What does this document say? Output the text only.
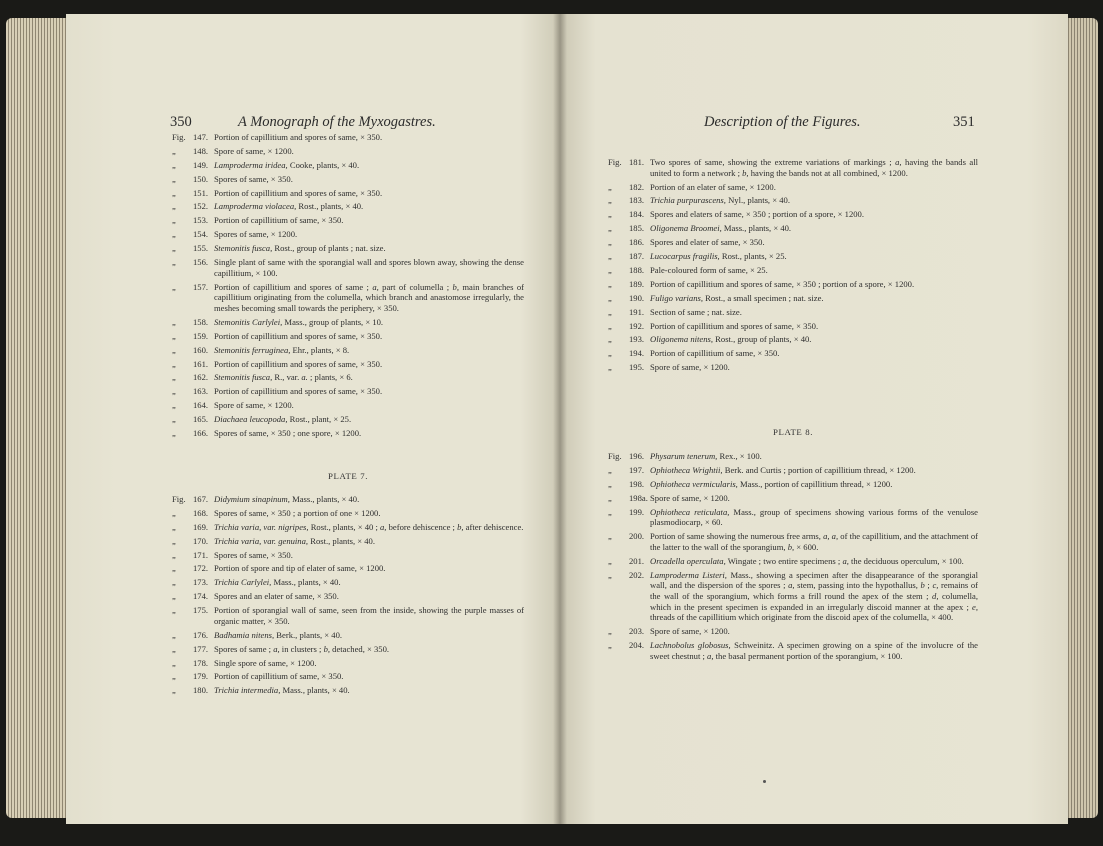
350	A Monograph of the Myxogastres.	Description of the Figures.	351
Fig. 147. Portion of capillitium and spores of same, × 350.
„	148. Spore of same, × 1200.
„	149. Lamproderma iridea, Cooke, plants, × 40.
„	150. Spores of same, × 350.
„	151. Portion of capillitium and spores of same, × 350.
„	152. Lamproderma violacea, Rost., plants, × 40.
„	153. Portion of capillitium of same, × 350.
„	154. Spores of same, × 1200.
„	155. Stemonitis fusca, Rost., group of plants ; nat. size.
„	156. Single plant of same with the sporangial wall and spores blown away, showing the dense capillitium, × 100.
„	157. Portion of capillitium and spores of same ; a, part of columella ; b, main branches of capillitium originating from the columella, which branch and anastomose irregularly, the meshes becoming small towards the periphery, × 350.
„	158. Stemonitis Carlylei, Mass., group of plants, × 10.
„	159. Portion of capillitium and spores of same, × 350.
„	160. Stemonitis ferruginea, Ehr., plants, × 8.
„	161. Portion of capillitium and spores of same, × 350.
„	162. Stemonitis fusca, R., var. a. ; plants, × 6.
„	163. Portion of capillitium and spores of same, × 350.
„	164. Spore of same, × 1200.
„	165. Diachaea leucopoda, Rost., plant, × 25.
„	166. Spores of same, × 350 ; one spore, × 1200.
PLATE 7.
Fig. 167. Didymium sinapinum, Mass., plants, × 40.
„	168. Spores of same, × 350 ; a portion of one × 1200.
„	169. Trichia varia, var. nigripes, Rost., plants, × 40 ; a, before dehiscence ; b, after dehiscence.
„	170. Trichia varia, var. genuina, Rost., plants, × 40.
„	171. Spores of same, × 350.
„	172. Portion of spore and tip of elater of same, × 1200.
„	173. Trichia Carlylei, Mass., plants, × 40.
„	174. Spores and an elater of same, × 350.
„	175. Portion of sporangial wall of same, seen from the inside, showing the purple masses of organic matter, × 350.
„	176. Badhamia nitens, Berk., plants, × 40.
„	177. Spores of same ; a, in clusters ; b, detached, × 350.
„	178. Single spore of same, × 1200.
„	179. Portion of capillitium of same, × 350.
„	180. Trichia intermedia, Mass., plants, × 40.
Fig. 181. Two spores of same, showing the extreme variations of markings ; a, having the bands all united to form a network ; b, having the bands not at all combined, × 1200.
„	182. Portion of an elater of same, × 1200.
„	183. Trichia purpurascens, Nyl., plants, × 40.
„	184. Spores and elaters of same, × 350 ; portion of a spore, × 1200.
„	185. Oligonema Broomei, Mass., plants, × 40.
„	186. Spores and elater of same, × 350.
„	187. Lucocarpus fragilis, Rost., plants, × 25.
„	188. Pale-coloured form of same, × 25.
„	189. Portion of capillitium and spores of same, × 350 ; portion of a spore, × 1200.
„	190. Fuligo varians, Rost., a small specimen ; nat. size.
„	191. Section of same ; nat. size.
„	192. Portion of capillitium and spores of same, × 350.
„	193. Oligonema nitens, Rost., group of plants, × 40.
„	194. Portion of capillitium of same, × 350.
„	195. Spore of same, × 1200.
PLATE 8.
Fig. 196. Physarum tenerum, Rex., × 100.
„	197. Ophiotheca Wrightii, Berk. and Curtis ; portion of capillitium thread, × 1200.
„	198. Ophiotheca vermicularis, Mass., portion of capillitium thread, × 1200.
„	198a. Spore of same, × 1200.
„	199. Ophiotheca reticulata, Mass., group of specimens showing various forms of the venulose plasmodiocarp, × 60.
„	200. Portion of same showing the numerous free arms, a, a, of the capillitium, and the attachment of the latter to the wall of the sporangium, b, × 600.
„	201. Orcadella operculata, Wingate ; two entire specimens ; a, the deciduous operculum, × 100.
„	202. Lamproderma Listeri, Mass., showing a specimen after the disappearance of the sporangial wall, and the dispersion of the spores ; a, stem, passing into the hypothallus, b ; c, remains of the wall of the sporangium, which forms a frill round the apex of the stem ; d, columella, which in the present specimen is expanded in an irregularly discoid manner at the apex ; e, threads of the capillitium which originate from the discoid apex of the columella, × 400.
„	203. Spore of same, × 1200.
„	204. Lachnobolus globosus, Schweinitz. A specimen growing on a spine of the involucre of the sweet chestnut ; a, the basal permanent portion of the sporangium, × 100.
